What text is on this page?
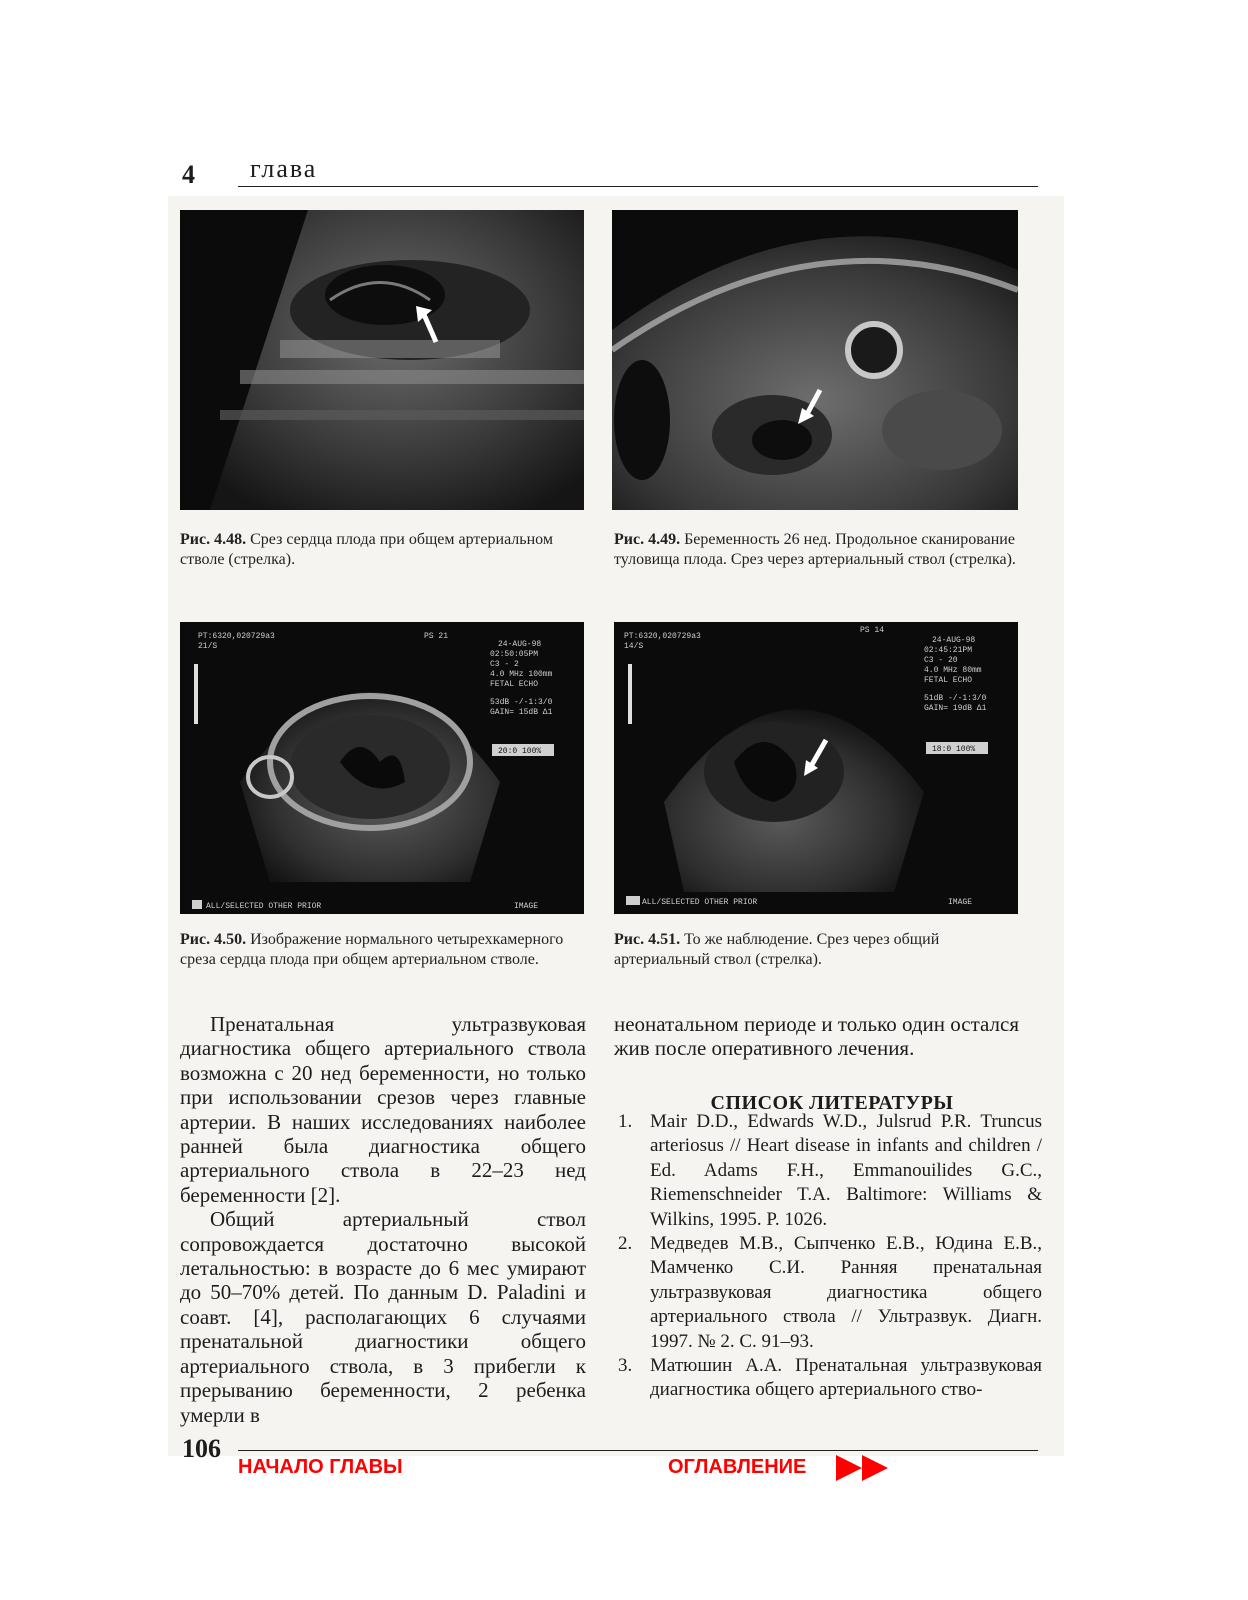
4 глава
Рис. 4.48. Срез сердца плода при общем артериальном стволе (стрелка).
Рис. 4.49. Беременность 26 нед. Продольное сканирование туловища плода. Срез через артериальный ствол (стрелка).
PT:6320,020729a3
21/S
PS 21
24-AUG-98
02:50:05PM
C3 - 2
4.0 MHz 100mm
FETAL ECHO
53dB -/-1:3/0
GAIN= 15dB ∆1
20:0 100%
ALL/SELECTED OTHER PRIOR	IMAGE
PT:6320,020729a3
14/S
PS 14
24-AUG-98
02:45:21PM
C3 - 20
4.0 MHz 80mm
FETAL ECHO
51dB -/-1:3/0
GAIN= 19dB ∆1
18:0 100%
ALL/SELECTED OTHER PRIOR	IMAGE
Рис. 4.50. Изображение нормального четырехкамерного среза сердца плода при общем артериальном стволе.
Рис. 4.51. То же наблюдение. Срез через общий артериальный ствол (стрелка).

Пренатальная ультразвуковая диагностика общего артериального ствола возможна с 20 нед беременности, но только при использовании срезов через главные артерии. В наших исследованиях наиболее ранней была диагностика общего артериального ствола в 22–23 нед беременности [2].

Общий артериальный ствол сопровождается достаточно высокой летальностью: в возрасте до 6 мес умирают до 50–70% детей. По данным D. Paladini и соавт. [4], располагающих 6 случаями пренатальной диагностики общего артериального ствола, в 3 прибегли к прерыванию беременности, 2 ребенка умерли в

неонатальном периоде и только один остался жив после оперативного лечения.

СПИСОК ЛИТЕРАТУРЫ
1. Mair D.D., Edwards W.D., Julsrud P.R. Truncus arteriosus // Heart disease in infants and children / Ed. Adams F.H., Emmanouilides G.C., Riemenschneider T.A. Baltimore: Williams & Wilkins, 1995. P. 1026.
2. Медведев М.В., Сыпченко Е.В., Юдина Е.В., Мамченко С.И. Ранняя пренатальная ультразвуковая диагностика общего артериального ствола // Ультразвук. Диагн. 1997. № 2. С. 91–93.
3. Матюшин А.А. Пренатальная ультразвуковая диагностика общего артериального ство-
106
НАЧАЛО ГЛАВЫ	ОГЛАВЛЕНИЕ
